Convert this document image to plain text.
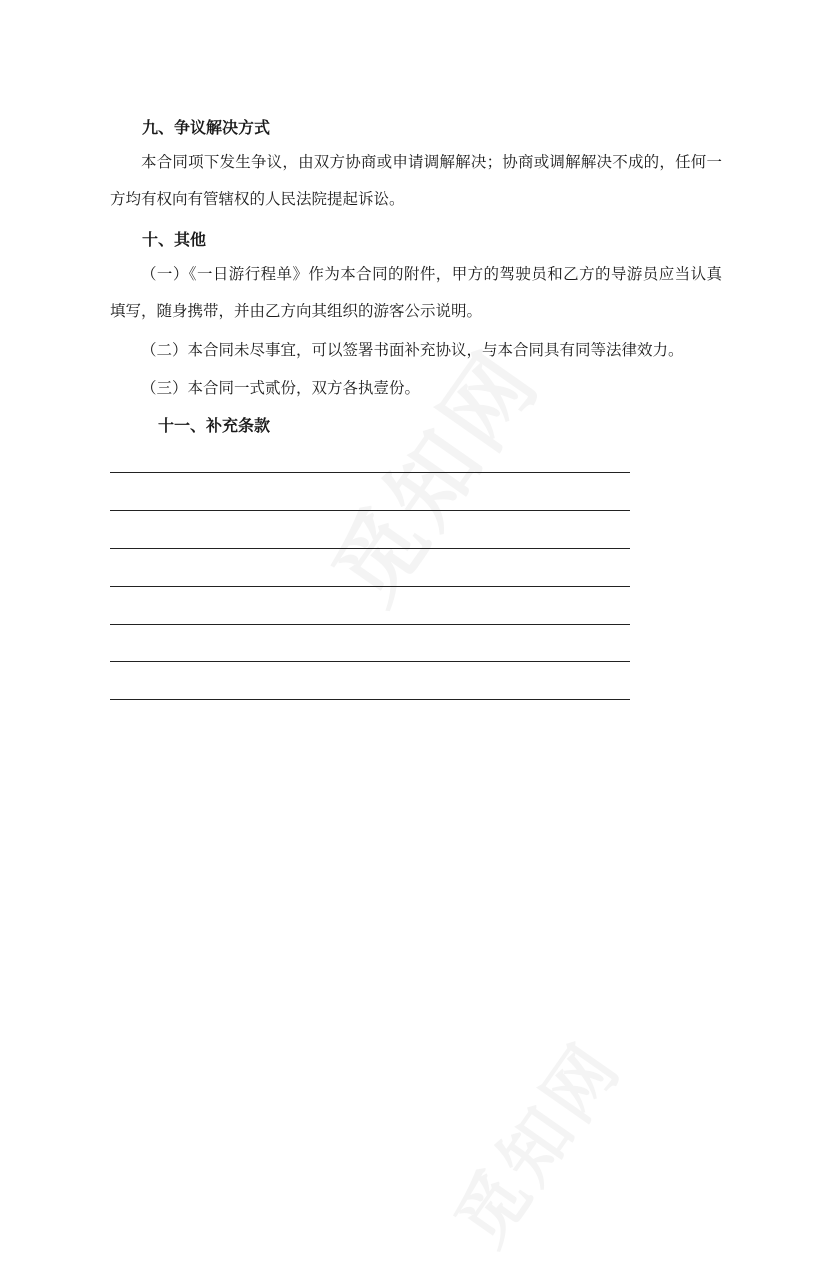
九、争议解决方式

本合同项下发生争议，由双方协商或申请调解解决；协商或调解解决不成的，任何一方均有权向有管辖权的人民法院提起诉讼。

十、其他

（一）《一日游行程单》作为本合同的附件，甲方的驾驶员和乙方的导游员应当认真填写，随身携带，并由乙方向其组织的游客公示说明。

（二）本合同未尽事宜，可以签署书面补充协议，与本合同具有同等法律效力。

（三）本合同一式贰份，双方各执壹份。

十一、补充条款
